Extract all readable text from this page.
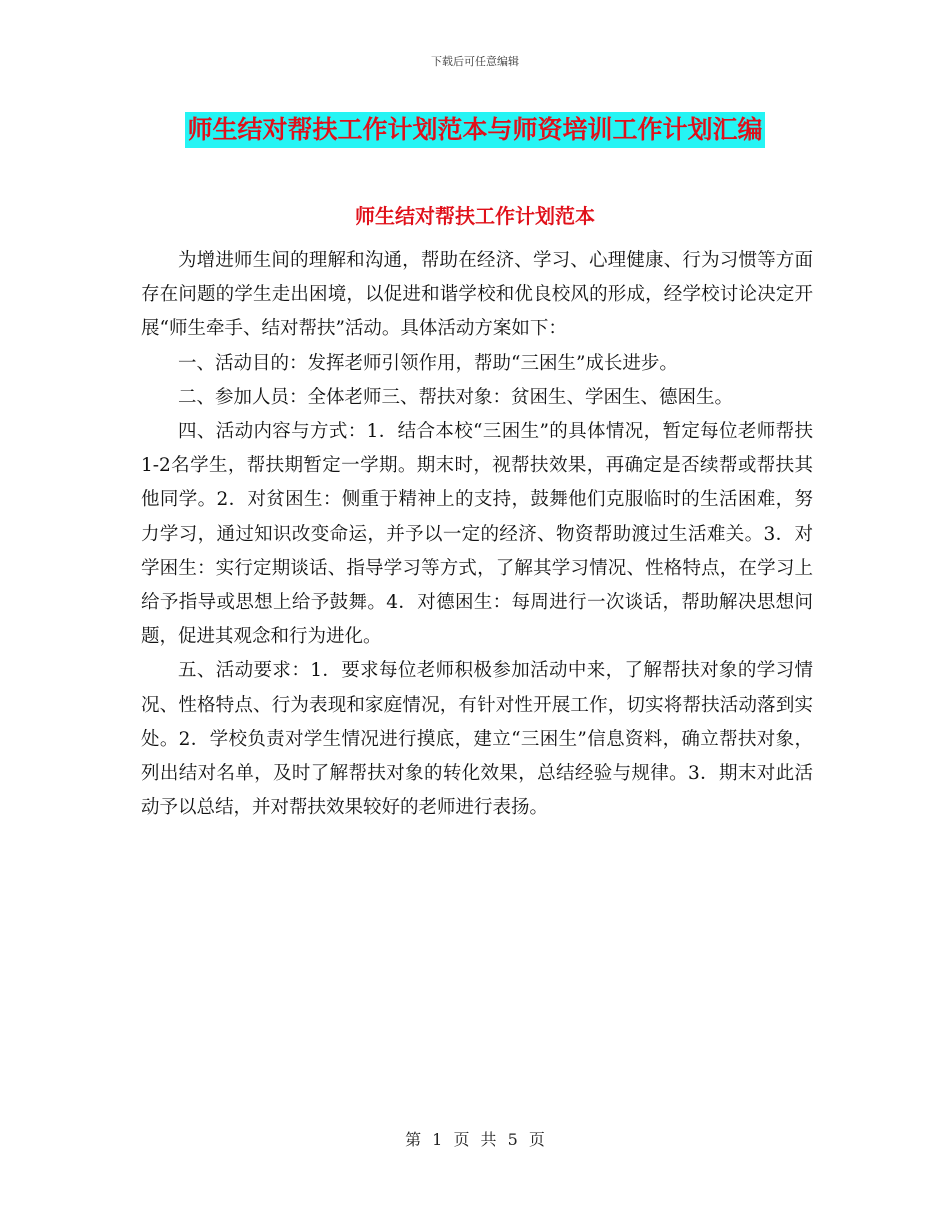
下载后可任意编辑
师生结对帮扶工作计划范本与师资培训工作计划汇编
师生结对帮扶工作计划范本

为增进师生间的理解和沟通，帮助在经济、学习、心理健康、行为习惯等方面存在问题的学生走出困境，以促进和谐学校和优良校风的形成，经学校讨论决定开展“师生牵手、结对帮扶”活动。具体活动方案如下：

一、活动目的：发挥老师引领作用，帮助“三困生”成长进步。

二、参加人员：全体老师三、帮扶对象：贫困生、学困生、德困生。

四、活动内容与方式：1．结合本校“三困生”的具体情况，暂定每位老师帮扶1-2名学生，帮扶期暂定一学期。期末时，视帮扶效果，再确定是否续帮或帮扶其他同学。2．对贫困生：侧重于精神上的支持，鼓舞他们克服临时的生活困难，努力学习，通过知识改变命运，并予以一定的经济、物资帮助渡过生活难关。3．对学困生：实行定期谈话、指导学习等方式，了解其学习情况、性格特点，在学习上给予指导或思想上给予鼓舞。4．对德困生：每周进行一次谈话，帮助解决思想问题，促进其观念和行为进化。

五、活动要求：1．要求每位老师积极参加活动中来，了解帮扶对象的学习情况、性格特点、行为表现和家庭情况，有针对性开展工作，切实将帮扶活动落到实处。2．学校负责对学生情况进行摸底，建立“三困生”信息资料，确立帮扶对象，列出结对名单，及时了解帮扶对象的转化效果，总结经验与规律。3．期末对此活动予以总结，并对帮扶效果较好的老师进行表扬。

第 1 页 共 5 页
